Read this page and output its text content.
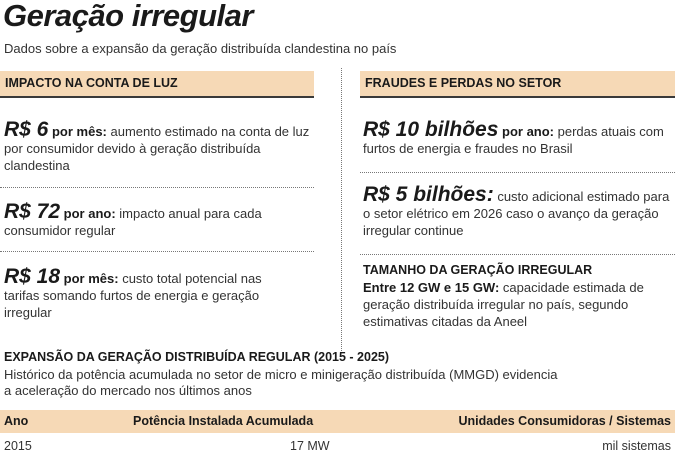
Geração irregular
Dados sobre a expansão da geração distribuída clandestina no país
IMPACTO NA CONTA DE LUZ
R$ 6 por mês: aumento estimado na conta de luz por consumidor devido à geração distribuída clandestina
R$ 72 por ano: impacto anual para cada consumidor regular
R$ 18 por mês: custo total potencial nas tarifas somando furtos de energia e geração irregular
FRAUDES E PERDAS NO SETOR
R$ 10 bilhões por ano: perdas atuais com furtos de energia e fraudes no Brasil
R$ 5 bilhões: custo adicional estimado para o setor elétrico em 2026 caso o avanço da geração irregular continue
TAMANHO DA GERAÇÃO IRREGULAR
Entre 12 GW e 15 GW: capacidade estimada de geração distribuída irregular no país, segundo estimativas citadas da Aneel
EXPANSÃO DA GERAÇÃO DISTRIBUÍDA REGULAR (2015 - 2025)
Histórico da potência acumulada no setor de micro e minigeração distribuída (MMGD) evidencia a aceleração do mercado nos últimos anos
Ano	Potência Instalada Acumulada	Unidades Consumidoras / Sistemas
2015	17 MW	mil sistemas
